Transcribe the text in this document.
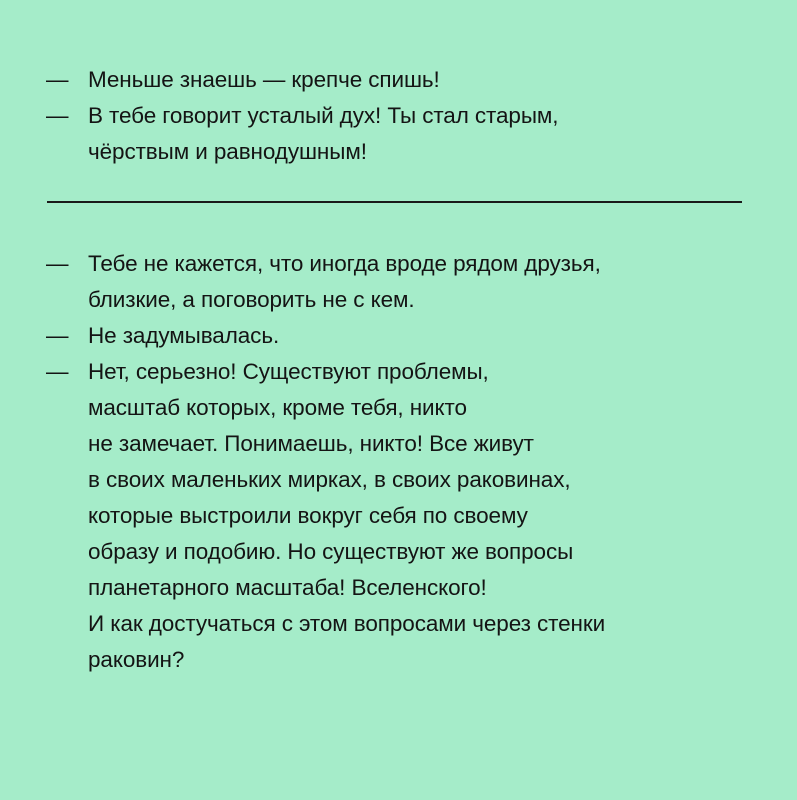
— Меньше знаешь — крепче спишь!
— В тебе говорит усталый дух! Ты стал старым,
чёрствым и равнодушным!
— Тебе не кажется, что иногда вроде рядом друзья,
близкие, а поговорить не с кем.
— Не задумывалась.
— Нет, серьезно! Существуют проблемы,
масштаб которых, кроме тебя, никто
не замечает. Понимаешь, никто! Все живут
в своих маленьких мирках, в своих раковинах,
которые выстроили вокруг себя по своему
образу и подобию. Но существуют же вопросы
планетарного масштаба! Вселенского!
И как достучаться с этом вопросами через стенки
раковин?
